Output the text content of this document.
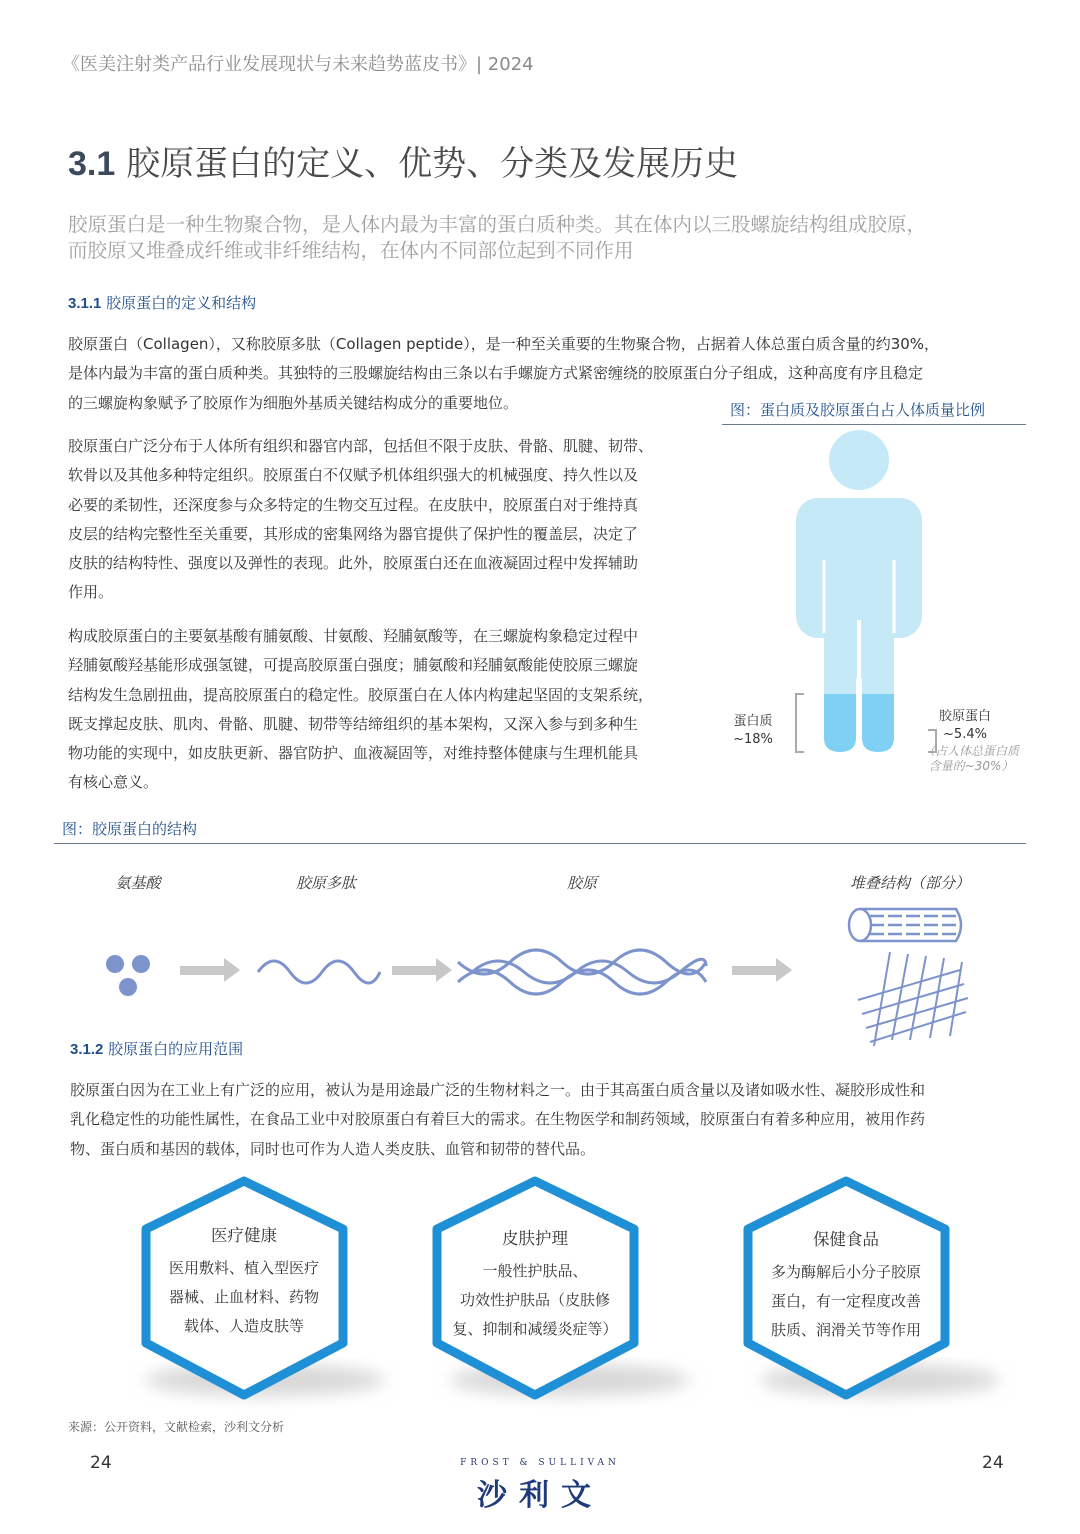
《医美注射类产品行业发展现状与未来趋势蓝皮书》| 2024
3.1 胶原蛋白的定义、优势、分类及发展历史

胶原蛋白是一种生物聚合物，是人体内最为丰富的蛋白质种类。其在体内以三股螺旋结构组成胶原，

而胶原又堆叠成纤维或非纤维结构，在体内不同部位起到不同作用

3.1.1 胶原蛋白的定义和结构

胶原蛋白（Collagen），又称胶原多肽（Collagen peptide），是一种至关重要的生物聚合物，占据着人体总蛋白质含量的约30%，

是体内最为丰富的蛋白质种类。其独特的三股螺旋结构由三条以右手螺旋方式紧密缠绕的胶原蛋白分子组成，这种高度有序且稳定

的三螺旋构象赋予了胶原作为细胞外基质关键结构成分的重要地位。

胶原蛋白广泛分布于人体所有组织和器官内部，包括但不限于皮肤、骨骼、肌腱、韧带、

软骨以及其他多种特定组织。胶原蛋白不仅赋予机体组织强大的机械强度、持久性以及

必要的柔韧性，还深度参与众多特定的生物交互过程。在皮肤中，胶原蛋白对于维持真

皮层的结构完整性至关重要，其形成的密集网络为器官提供了保护性的覆盖层，决定了

皮肤的结构特性、强度以及弹性的表现。此外，胶原蛋白还在血液凝固过程中发挥辅助

作用。

构成胶原蛋白的主要氨基酸有脯氨酸、甘氨酸、羟脯氨酸等，在三螺旋构象稳定过程中

羟脯氨酸羟基能形成强氢键，可提高胶原蛋白强度；脯氨酸和羟脯氨酸能使胶原三螺旋

结构发生急剧扭曲，提高胶原蛋白的稳定性。胶原蛋白在人体内构建起坚固的支架系统，

既支撑起皮肤、肌肉、骨骼、肌腱、韧带等结缔组织的基本架构，又深入参与到多种生

物功能的实现中，如皮肤更新、器官防护、血液凝固等，对维持整体健康与生理机能具

有核心意义。

图：蛋白质及胶原蛋白占人体质量比例
蛋白质
~18%
胶原蛋白
~5.4%
（占人体总蛋白质
含量的~30%）
图：胶原蛋白的结构
氨基酸	胶原多肽	胶原	堆叠结构（部分）
3.1.2 胶原蛋白的应用范围

胶原蛋白因为在工业上有广泛的应用，被认为是用途最广泛的生物材料之一。由于其高蛋白质含量以及诸如吸水性、凝胶形成性和

乳化稳定性的功能性属性，在食品工业中对胶原蛋白有着巨大的需求。在生物医学和制药领域，胶原蛋白有着多种应用，被用作药

物、蛋白质和基因的载体，同时也可作为人造人类皮肤、血管和韧带的替代品。

医疗健康
医用敷料、植入型医疗
器械、止血材料、药物
载体、人造皮肤等
皮肤护理
一般性护肤品、
功效性护肤品（皮肤修
复、抑制和减缓炎症等）
保健食品
多为酶解后小分子胶原
蛋白，有一定程度改善
肤质、润滑关节等作用
来源：公开资料，文献检索，沙利文分析
24	24
FROST & SULLIVAN
沙利文
